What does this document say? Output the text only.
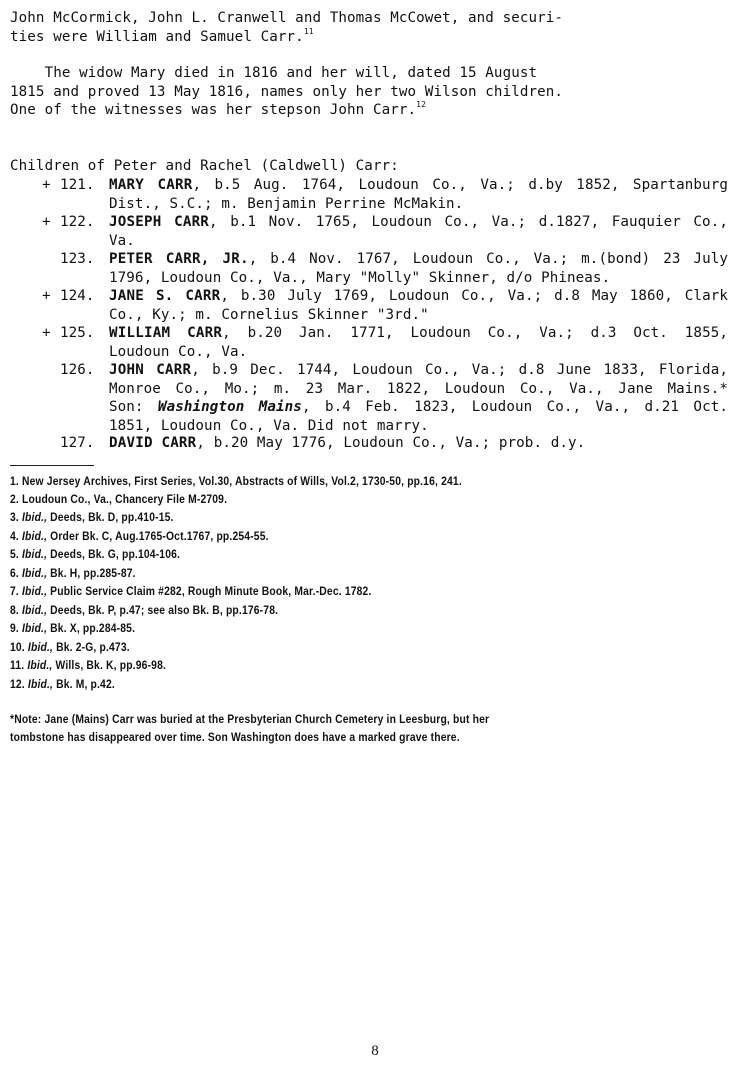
John McCormick, John L. Cranwell and Thomas McCowet, and securi-
ties were William and Samuel Carr.$^{11}$

The widow Mary died in 1816 and her will, dated 15 August
1815 and proved 13 May 1816, names only her two Wilson children.
One of the witnesses was her stepson John Carr.$^{12}$

Children of Peter and Rachel (Caldwell) Carr:
+ 121.	MARY CARR, b.5 Aug. 1764, Loudoun Co., Va.; d.by 1852, Spartanburg
Dist., S.C.; m. Benjamin Perrine McMakin.
+ 122.	JOSEPH CARR, b.1 Nov. 1765, Loudoun Co., Va.; d.1827, Fauquier Co.,
Va.
123.	PETER CARR, JR., b.4 Nov. 1767, Loudoun Co., Va.; m.(bond) 23 July
1796, Loudoun Co., Va., Mary "Molly" Skinner, d/o Phineas.
+ 124.	JANE S. CARR, b.30 July 1769, Loudoun Co., Va.; d.8 May 1860, Clark
Co., Ky.; m. Cornelius Skinner "3rd."
+ 125.	WILLIAM CARR, b.20 Jan. 1771, Loudoun Co., Va.; d.3 Oct. 1855,
Loudoun Co., Va.
126.	JOHN CARR, b.9 Dec. 1744, Loudoun Co., Va.; d.8 June 1833, Florida,
Monroe Co., Mo.; m. 23 Mar. 1822, Loudoun Co., Va., Jane Mains.*
Son: Washington Mains, b.4 Feb. 1823, Loudoun Co., Va., d.21 Oct.
1851, Loudoun Co., Va. Did not marry.
127.	DAVID CARR, b.20 May 1776, Loudoun Co., Va.; prob. d.y.
1. New Jersey Archives, First Series, Vol.30, Abstracts of Wills, Vol.2, 1730-50, pp.16, 241.
2. Loudoun Co., Va., Chancery File M-2709.
3. Ibid., Deeds, Bk. D, pp.410-15.
4. Ibid., Order Bk. C, Aug.1765-Oct.1767, pp.254-55.
5. Ibid., Deeds, Bk. G, pp.104-106.
6. Ibid., Bk. H, pp.285-87.
7. Ibid., Public Service Claim #282, Rough Minute Book, Mar.-Dec. 1782.
8. Ibid., Deeds, Bk. P, p.47; see also Bk. B, pp.176-78.
9. Ibid., Bk. X, pp.284-85.
10. Ibid., Bk. 2-G, p.473.
11. Ibid., Wills, Bk. K, pp.96-98.
12. Ibid., Bk. M, p.42.
*Note: Jane (Mains) Carr was buried at the Presbyterian Church Cemetery in Leesburg, but her
tombstone has disappeared over time. Son Washington does have a marked grave there.
8
